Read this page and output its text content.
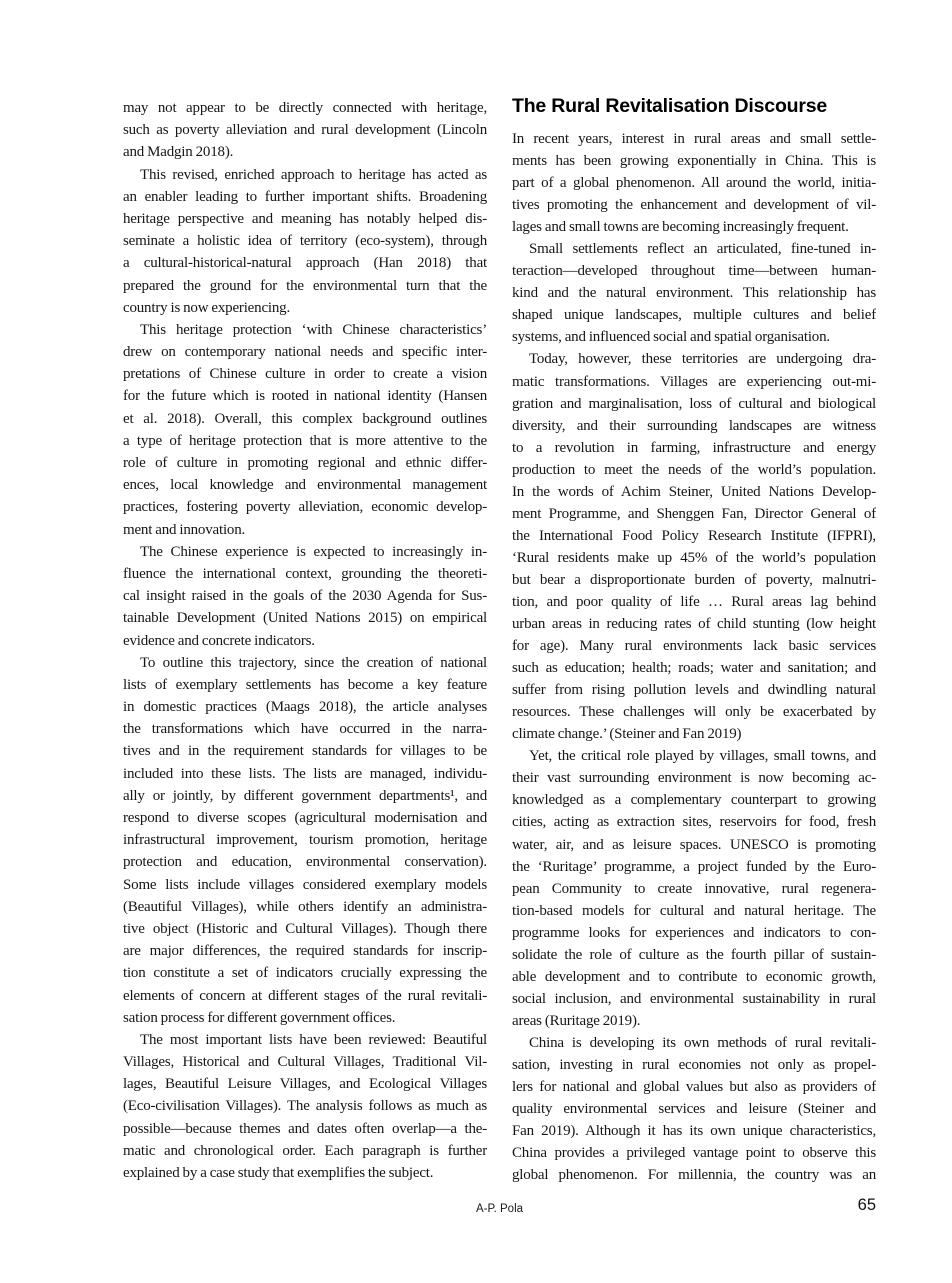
may not appear to be directly connected with heritage,
such as poverty alleviation and rural development (Lincoln
and Madgin 2018).
This revised, enriched approach to heritage has acted as
an enabler leading to further important shifts. Broadening
heritage perspective and meaning has notably helped dis-
seminate a holistic idea of territory (eco-system), through
a cultural-historical-natural approach (Han 2018) that
prepared the ground for the environmental turn that the
country is now experiencing.
This heritage protection ‘with Chinese characteristics’
drew on contemporary national needs and specific inter-
pretations of Chinese culture in order to create a vision
for the future which is rooted in national identity (Hansen
et al. 2018). Overall, this complex background outlines
a type of heritage protection that is more attentive to the
role of culture in promoting regional and ethnic differ-
ences, local knowledge and environmental management
practices, fostering poverty alleviation, economic develop-
ment and innovation.
The Chinese experience is expected to increasingly in-
fluence the international context, grounding the theoreti-
cal insight raised in the goals of the 2030 Agenda for Sus-
tainable Development (United Nations 2015) on empirical
evidence and concrete indicators.
To outline this trajectory, since the creation of national
lists of exemplary settlements has become a key feature
in domestic practices (Maags 2018), the article analyses
the transformations which have occurred in the narra-
tives and in the requirement standards for villages to be
included into these lists. The lists are managed, individu-
ally or jointly, by different government departments¹, and
respond to diverse scopes (agricultural modernisation and
infrastructural improvement, tourism promotion, heritage
protection and education, environmental conservation).
Some lists include villages considered exemplary models
(Beautiful Villages), while others identify an administra-
tive object (Historic and Cultural Villages). Though there
are major differences, the required standards for inscrip-
tion constitute a set of indicators crucially expressing the
elements of concern at different stages of the rural revitali-
sation process for different government offices.
The most important lists have been reviewed: Beautiful
Villages, Historical and Cultural Villages, Traditional Vil-
lages, Beautiful Leisure Villages, and Ecological Villages
(Eco-civilisation Villages). The analysis follows as much as
possible—because themes and dates often overlap—a the-
matic and chronological order. Each paragraph is further
explained by a case study that exemplifies the subject.
The Rural Revitalisation Discourse
In recent years, interest in rural areas and small settle-
ments has been growing exponentially in China. This is
part of a global phenomenon. All around the world, initia-
tives promoting the enhancement and development of vil-
lages and small towns are becoming increasingly frequent.
Small settlements reflect an articulated, fine-tuned in-
teraction—developed throughout time—between human-
kind and the natural environment. This relationship has
shaped unique landscapes, multiple cultures and belief
systems, and influenced social and spatial organisation.
Today, however, these territories are undergoing dra-
matic transformations. Villages are experiencing out-mi-
gration and marginalisation, loss of cultural and biological
diversity, and their surrounding landscapes are witness
to a revolution in farming, infrastructure and energy
production to meet the needs of the world’s population.
In the words of Achim Steiner, United Nations Develop-
ment Programme, and Shenggen Fan, Director General of
the International Food Policy Research Institute (IFPRI),
‘Rural residents make up 45% of the world’s population
but bear a disproportionate burden of poverty, malnutri-
tion, and poor quality of life … Rural areas lag behind
urban areas in reducing rates of child stunting (low height
for age). Many rural environments lack basic services
such as education; health; roads; water and sanitation; and
suffer from rising pollution levels and dwindling natural
resources. These challenges will only be exacerbated by
climate change.’ (Steiner and Fan 2019)
Yet, the critical role played by villages, small towns, and
their vast surrounding environment is now becoming ac-
knowledged as a complementary counterpart to growing
cities, acting as extraction sites, reservoirs for food, fresh
water, air, and as leisure spaces. UNESCO is promoting
the ‘Ruritage’ programme, a project funded by the Euro-
pean Community to create innovative, rural regenera-
tion-based models for cultural and natural heritage. The
programme looks for experiences and indicators to con-
solidate the role of culture as the fourth pillar of sustain-
able development and to contribute to economic growth,
social inclusion, and environmental sustainability in rural
areas (Ruritage 2019).
China is developing its own methods of rural revitali-
sation, investing in rural economies not only as propel-
lers for national and global values but also as providers of
quality environmental services and leisure (Steiner and
Fan 2019). Although it has its own unique characteristics,
China provides a privileged vantage point to observe this
global phenomenon. For millennia, the country was an
A-P. Pola	65
